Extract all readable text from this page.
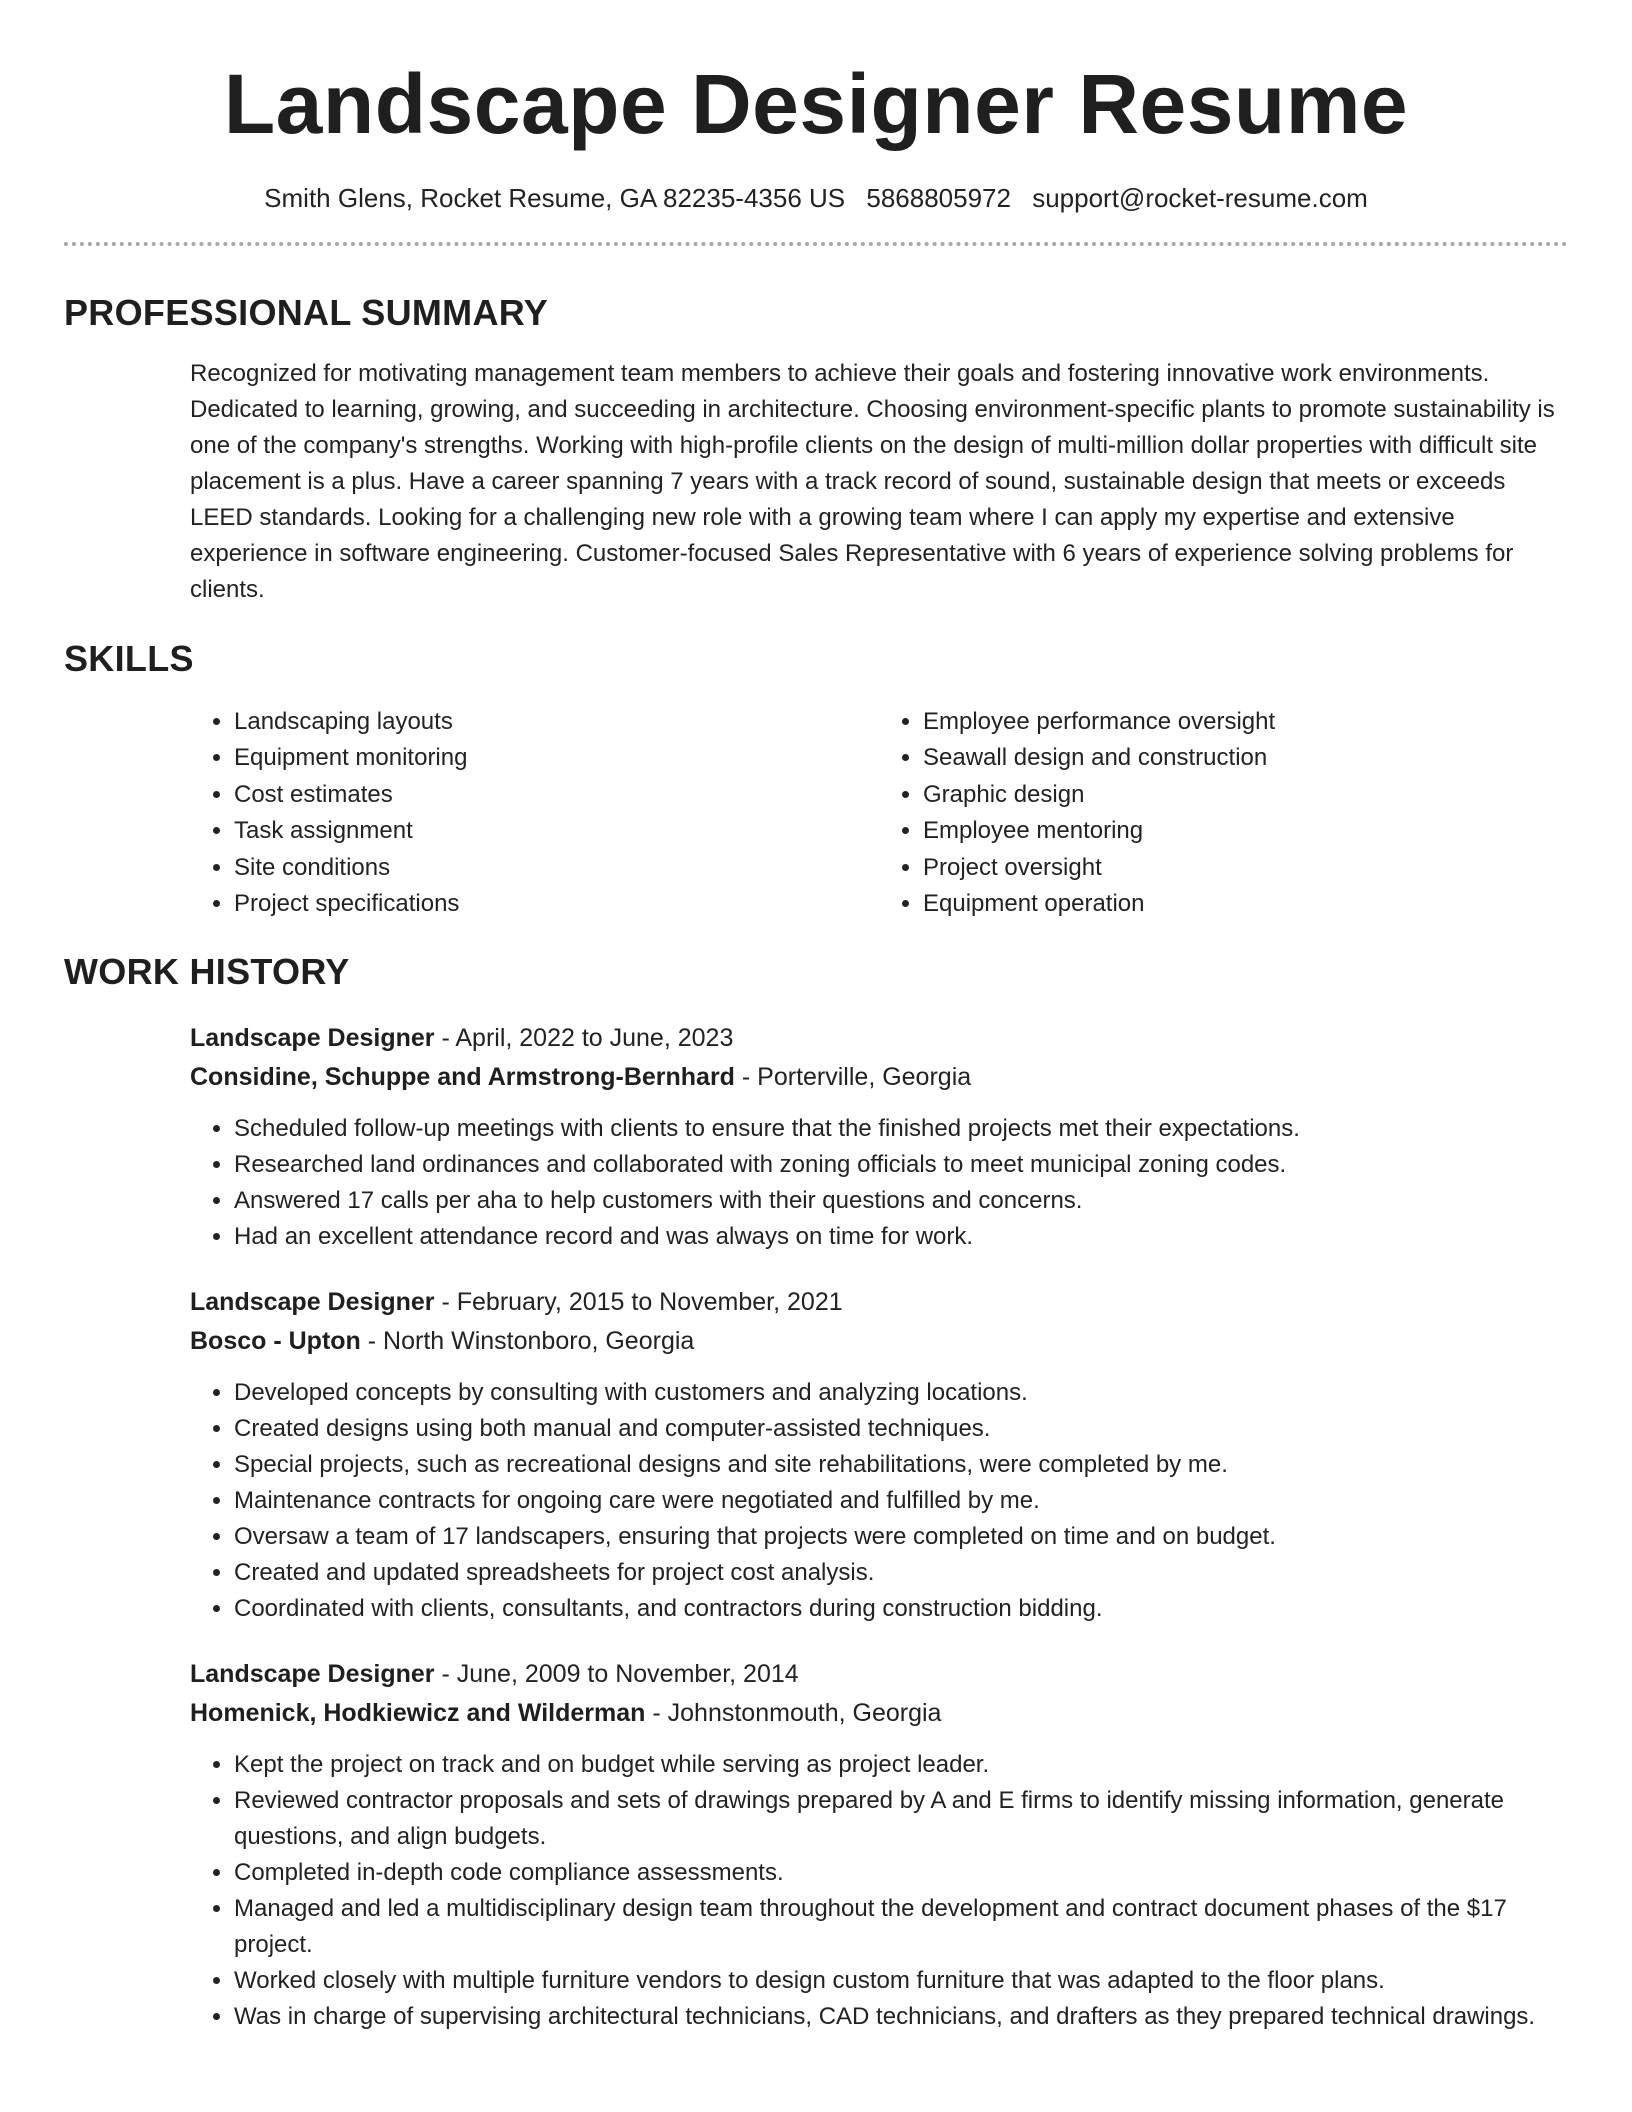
Landscape Designer Resume
Smith Glens, Rocket Resume, GA 82235-4356 US 5868805972 support@rocket-resume.com
PROFESSIONAL SUMMARY

Recognized for motivating management team members to achieve their goals and fostering innovative work environments. Dedicated to learning, growing, and succeeding in architecture. Choosing environment-specific plants to promote sustainability is one of the company's strengths. Working with high-profile clients on the design of multi-million dollar properties with difficult site placement is a plus. Have a career spanning 7 years with a track record of sound, sustainable design that meets or exceeds LEED standards. Looking for a challenging new role with a growing team where I can apply my expertise and extensive experience in software engineering. Customer-focused Sales Representative with 6 years of experience solving problems for clients.

SKILLS
• Landscaping layouts
• Equipment monitoring
• Cost estimates
• Task assignment
• Site conditions
• Project specifications
• Employee performance oversight
• Seawall design and construction
• Graphic design
• Employee mentoring
• Project oversight
• Equipment operation
WORK HISTORY
Landscape Designer - April, 2022 to June, 2023
Considine, Schuppe and Armstrong-Bernhard - Porterville, Georgia
• Scheduled follow-up meetings with clients to ensure that the finished projects met their expectations.
• Researched land ordinances and collaborated with zoning officials to meet municipal zoning codes.
• Answered 17 calls per aha to help customers with their questions and concerns.
• Had an excellent attendance record and was always on time for work.
Landscape Designer - February, 2015 to November, 2021
Bosco - Upton - North Winstonboro, Georgia
• Developed concepts by consulting with customers and analyzing locations.
• Created designs using both manual and computer-assisted techniques.
• Special projects, such as recreational designs and site rehabilitations, were completed by me.
• Maintenance contracts for ongoing care were negotiated and fulfilled by me.
• Oversaw a team of 17 landscapers, ensuring that projects were completed on time and on budget.
• Created and updated spreadsheets for project cost analysis.
• Coordinated with clients, consultants, and contractors during construction bidding.
Landscape Designer - June, 2009 to November, 2014
Homenick, Hodkiewicz and Wilderman - Johnstonmouth, Georgia
• Kept the project on track and on budget while serving as project leader.
• Reviewed contractor proposals and sets of drawings prepared by A and E firms to identify missing information, generate questions, and align budgets.
• Completed in-depth code compliance assessments.
• Managed and led a multidisciplinary design team throughout the development and contract document phases of the $17 project.
• Worked closely with multiple furniture vendors to design custom furniture that was adapted to the floor plans.
• Was in charge of supervising architectural technicians, CAD technicians, and drafters as they prepared technical drawings.
